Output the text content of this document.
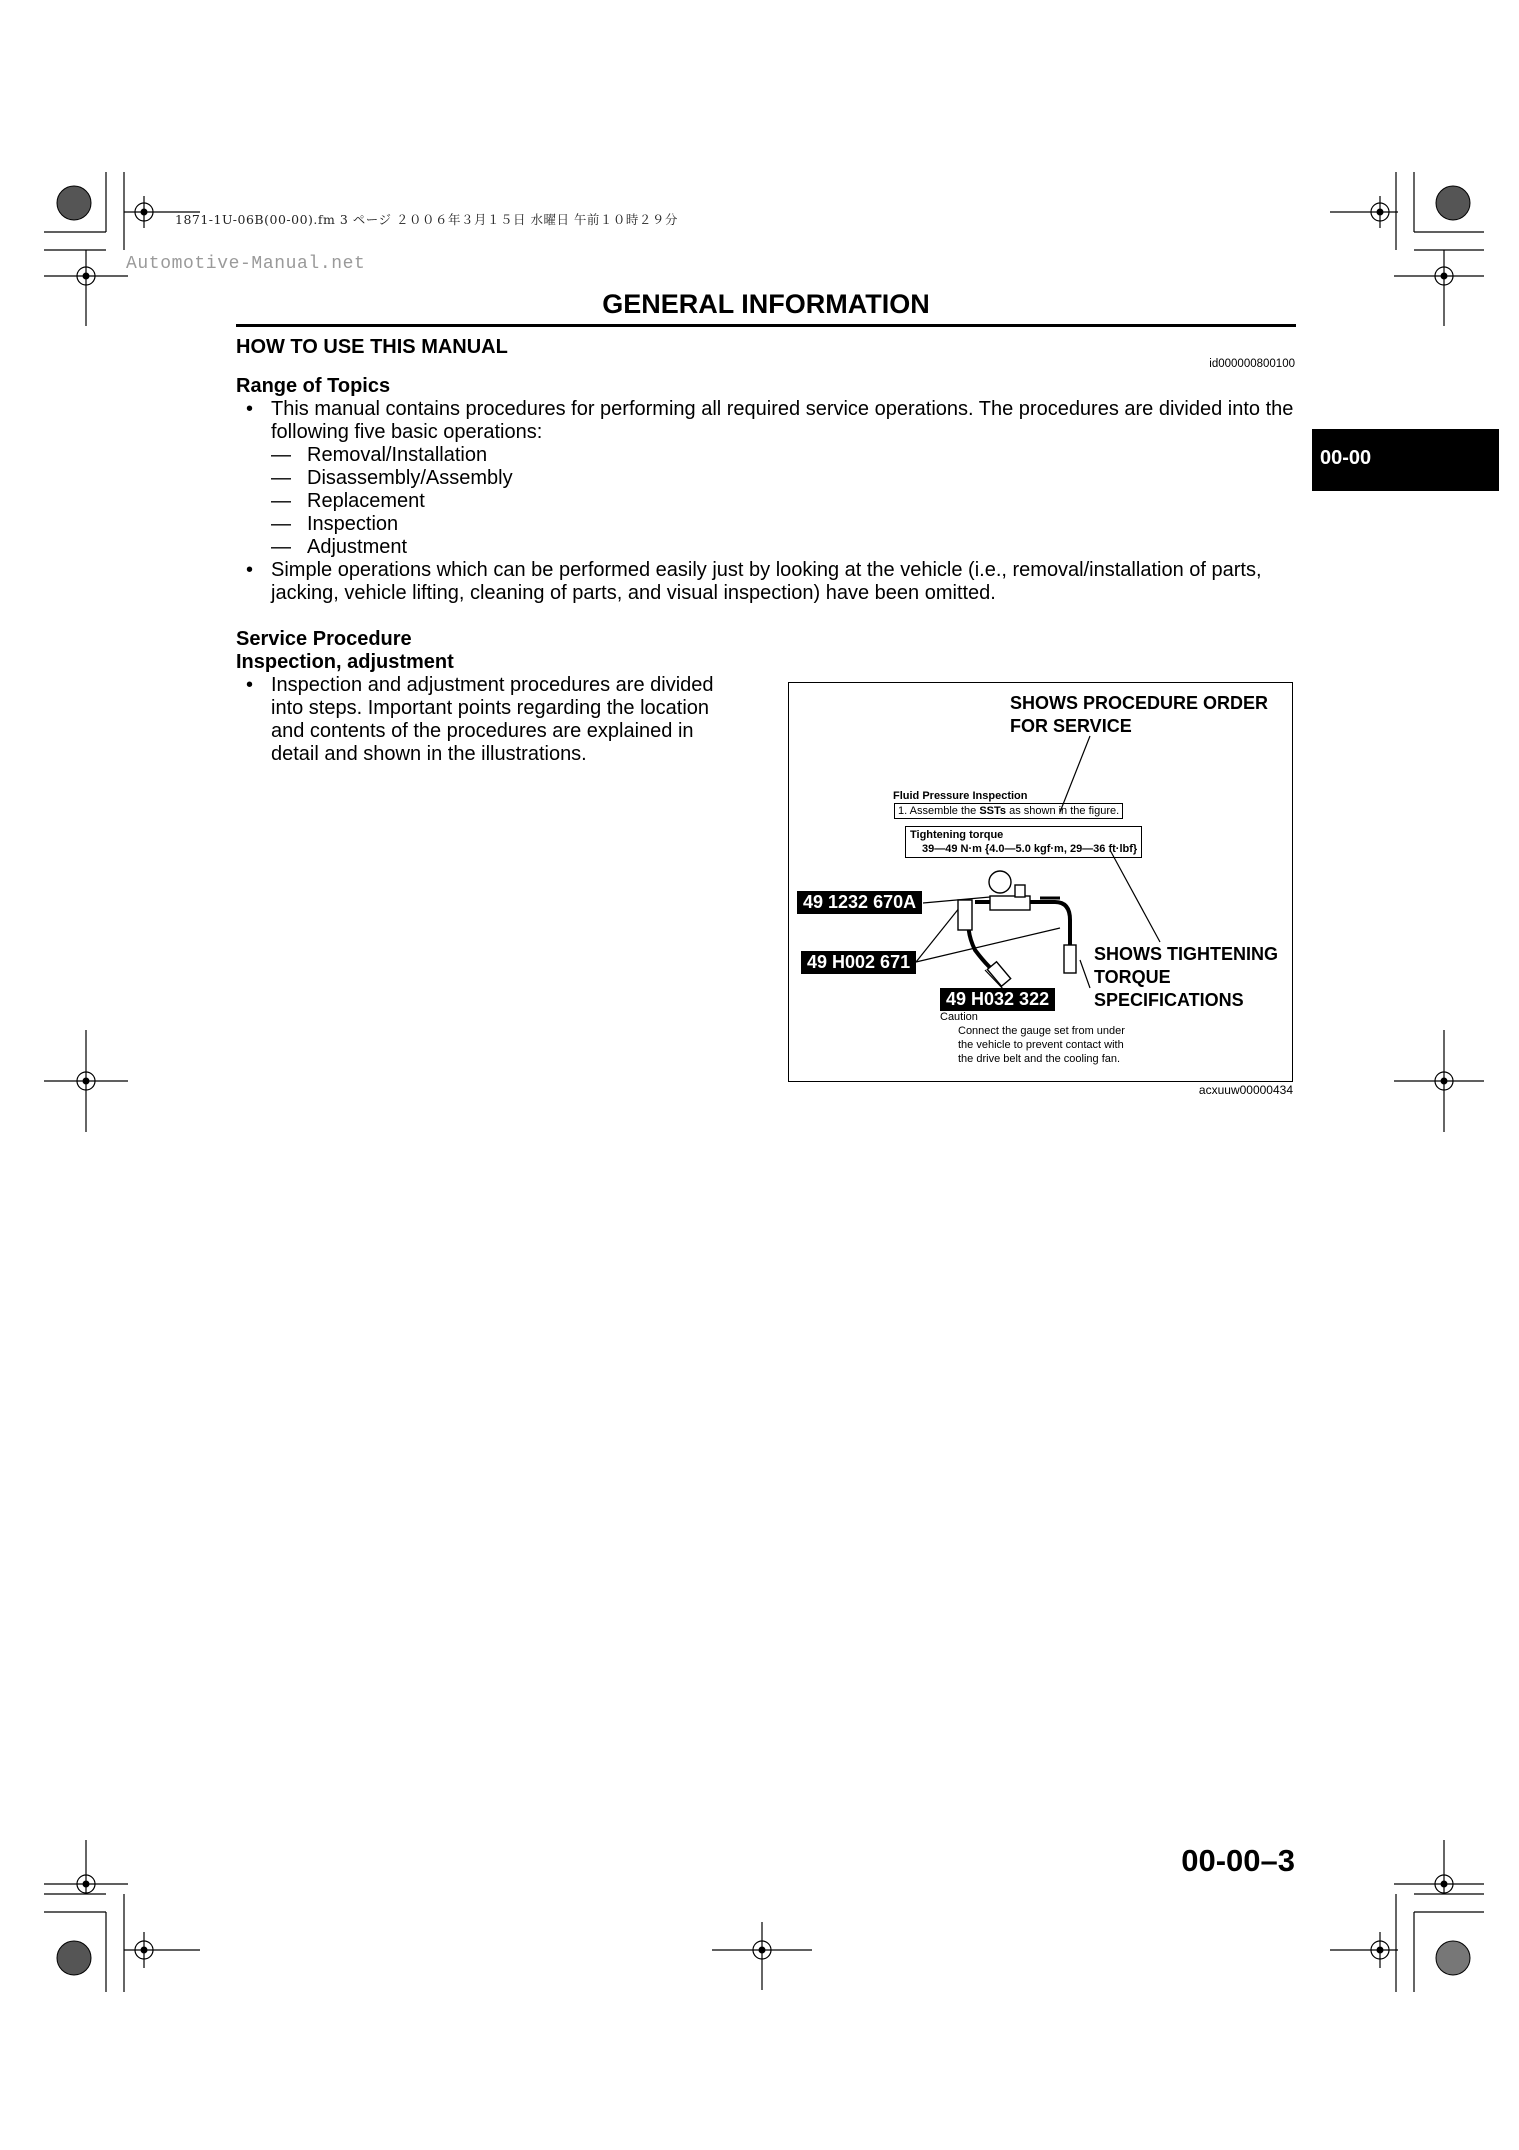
1871-1U-06B(00-00).fm 3 ページ ２００６年３月１５日 水曜日 午前１０時２９分
Automotive-Manual.net
GENERAL INFORMATION
HOW TO USE THIS MANUAL
id000000800100
00-00
Range of Topics
• This manual contains procedures for performing all required service operations. The procedures are divided into the following five basic operations:
— Removal/Installation
— Disassembly/Assembly
— Replacement
— Inspection
— Adjustment
• Simple operations which can be performed easily just by looking at the vehicle (i.e., removal/installation of parts, jacking, vehicle lifting, cleaning of parts, and visual inspection) have been omitted.
Service Procedure
Inspection, adjustment
• Inspection and adjustment procedures are divided into steps. Important points regarding the location and contents of the procedures are explained in detail and shown in the illustrations.
SHOWS PROCEDURE ORDER
FOR SERVICE
Fluid Pressure Inspection
1. Assemble the SSTs as shown in the figure.
Tightening torque
39—49 N·m {4.0—5.0 kgf·m, 29—36 ft·lbf}
49 1232 670A
49 H002 671
49 H032 322
SHOWS TIGHTENING
TORQUE
SPECIFICATIONS
Caution
Connect the gauge set from under
the vehicle to prevent contact with
the drive belt and the cooling fan.
acxuuw00000434
00-00–3
